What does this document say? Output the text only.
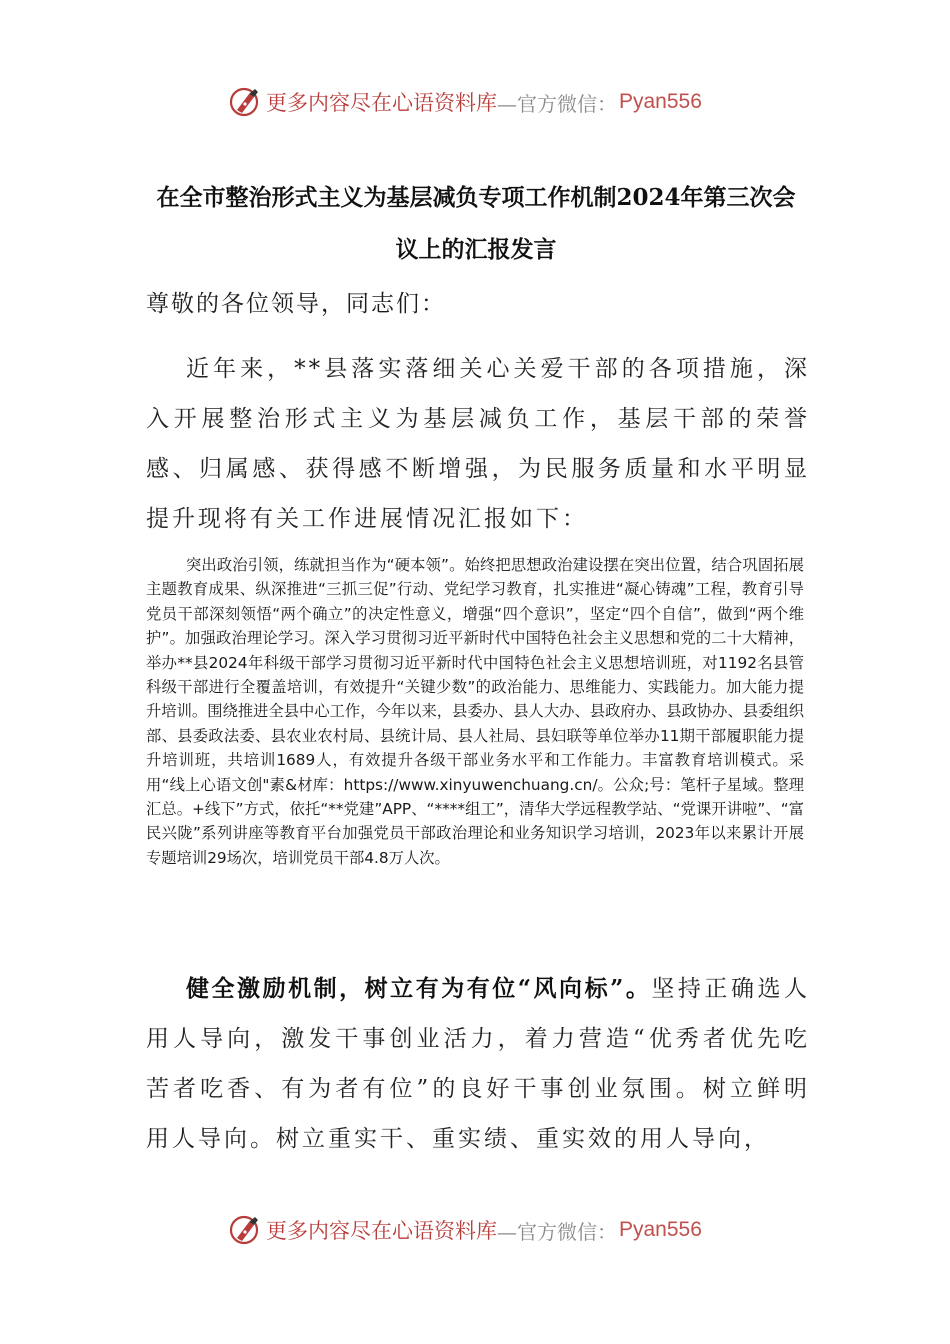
更多内容尽在心语资料库 —官方微信： Pyan556
在全市整治形式主义为基层减负专项工作机制2024年第三次会议上的汇报发言
尊敬的各位领导，同志们：

近年来，**县落实落细关心关爱干部的各项措施，深入开展整治形式主义为基层减负工作，基层干部的荣誉感、归属感、获得感不断增强，为民服务质量和水平明显提升现将有关工作进展情况汇报如下：

突出政治引领，练就担当作为“硬本领”。始终把思想政治建设摆在突出位置，结合巩固拓展主题教育成果、纵深推进“三抓三促”行动、党纪学习教育，扎实推进“凝心铸魂”工程，教育引导党员干部深刻领悟“两个确立”的决定性意义，增强“四个意识”，坚定“四个自信”，做到“两个维护”。加强政治理论学习。深入学习贯彻习近平新时代中国特色社会主义思想和党的二十大精神，举办**县2024年科级干部学习贯彻习近平新时代中国特色社会主义思想培训班，对1192名县管科级干部进行全覆盖培训，有效提升“关键少数”的政治能力、思维能力、实践能力。加大能力提升培训。围绕推进全县中心工作，今年以来，县委办、县人大办、县政府办、县政协办、县委组织部、县委政法委、县农业农村局、县统计局、县人社局、县妇联等单位举办11期干部履职能力提升培训班，共培训1689人，有效提升各级干部业务水平和工作能力。丰富教育培训模式。采用“线上心语文创"素&材库：https://www.xinyuwenchuang.cn/。公众;号：笔杆子星域。整理汇总。+线下”方式，依托“**党建”APP、“****组工”，清华大学远程教学站、“党课开讲啦”、“富民兴陇”系列讲座等教育平台加强党员干部政治理论和业务知识学习培训，2023年以来累计开展专题培训29场次，培训党员干部4.8万人次。

健全激励机制，树立有为有位“风向标”。坚持正确选人用人导向，激发干事创业活力，着力营造“优秀者优先吃苦者吃香、有为者有位”的良好干事创业氛围。树立鲜明用人导向。树立重实干、重实绩、重实效的用人导向，

更多内容尽在心语资料库 —官方微信： Pyan556
